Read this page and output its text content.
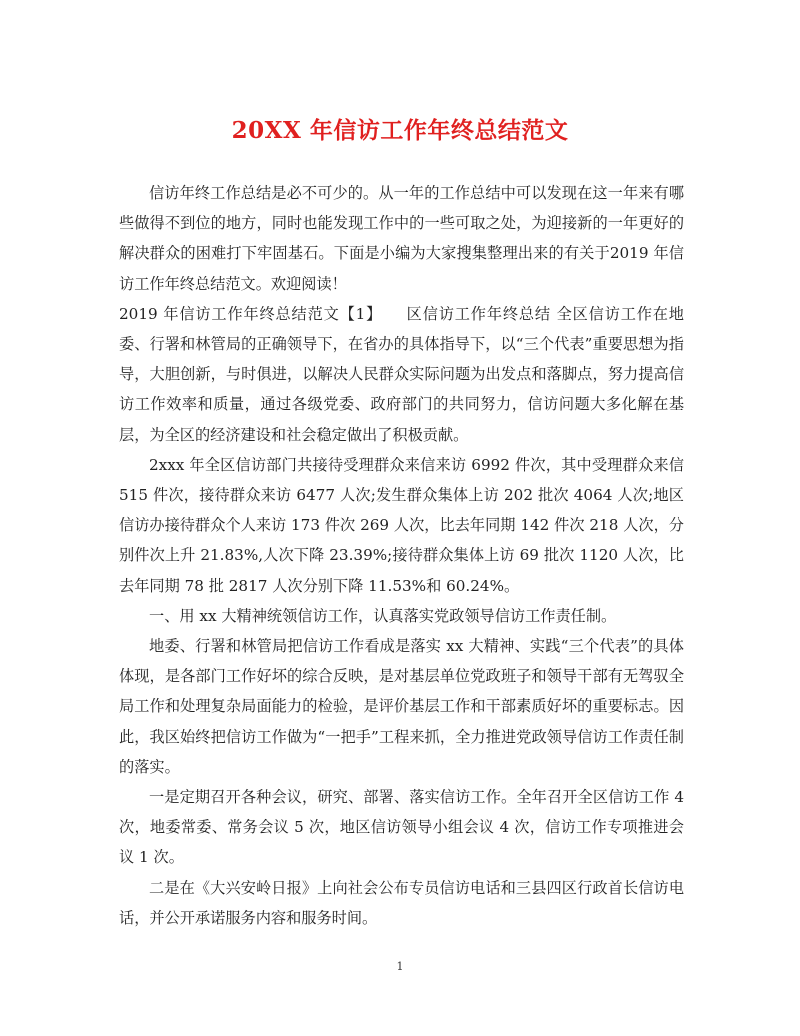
20XX 年信访工作年终总结范文

信访年终工作总结是必不可少的。从一年的工作总结中可以发现在这一年来有哪些做得不到位的地方，同时也能发现工作中的一些可取之处，为迎接新的一年更好的解决群众的困难打下牢固基石。下面是小编为大家搜集整理出来的有关于2019 年信访工作年终总结范文。欢迎阅读！

2019 年信访工作年终总结范文【1】　　区信访工作年终总结 全区信访工作在地委、行署和林管局的正确领导下，在省办的具体指导下，以“三个代表”重要思想为指导，大胆创新，与时俱进，以解决人民群众实际问题为出发点和落脚点，努力提高信访工作效率和质量，通过各级党委、政府部门的共同努力，信访问题大多化解在基层，为全区的经济建设和社会稳定做出了积极贡献。

2xxx 年全区信访部门共接待受理群众来信来访 6992 件次，其中受理群众来信 515 件次，接待群众来访 6477 人次;发生群众集体上访 202 批次 4064 人次;地区信访办接待群众个人来访 173 件次 269 人次，比去年同期 142 件次 218 人次，分别件次上升 21.83%,人次下降 23.39%;接待群众集体上访 69 批次 1120 人次，比去年同期 78 批 2817 人次分别下降 11.53%和 60.24%。

一、用 xx 大精神统领信访工作，认真落实党政领导信访工作责任制。

地委、行署和林管局把信访工作看成是落实 xx 大精神、实践“三个代表”的具体体现，是各部门工作好坏的综合反映，是对基层单位党政班子和领导干部有无驾驭全局工作和处理复杂局面能力的检验，是评价基层工作和干部素质好坏的重要标志。因此，我区始终把信访工作做为“一把手”工程来抓，全力推进党政领导信访工作责任制的落实。

一是定期召开各种会议，研究、部署、落实信访工作。全年召开全区信访工作 4 次，地委常委、常务会议 5 次，地区信访领导小组会议 4 次，信访工作专项推进会议 1 次。

二是在《大兴安岭日报》上向社会公布专员信访电话和三县四区行政首长信访电话，并公开承诺服务内容和服务时间。

1
